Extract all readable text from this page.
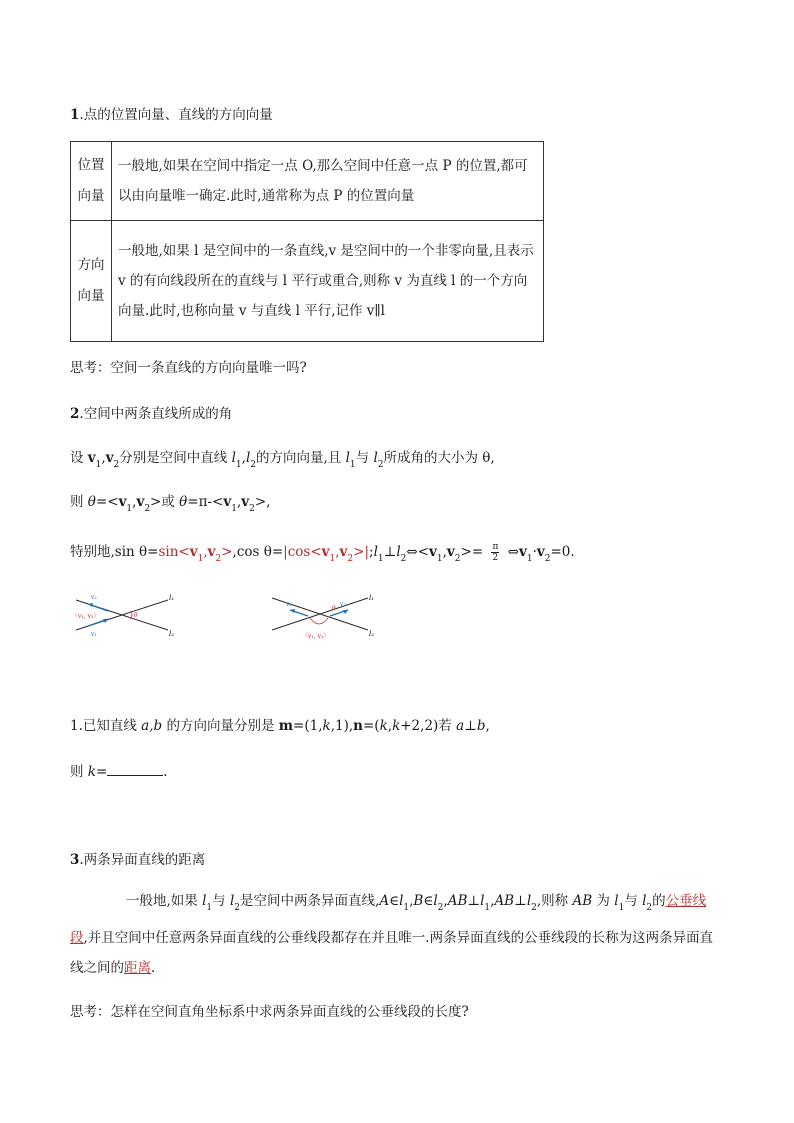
1.点的位置向量、直线的方向向量
位置
向量	一般地,如果在空间中指定一点 O,那么空间中任意一点 P 的位置,都可以由向量唯一确定.此时,通常称为点 P 的位置向量

方向
向量	一般地,如果 l 是空间中的一条直线,v 是空间中的一个非零向量,且表示 v 的有向线段所在的直线与 l 平行或重合,则称 v 为直线 l 的一个方向向量.此时,也称向量 v 与直线 l 平行,记作 v∥l
思考：空间一条直线的方向向量唯一吗?
2.空间中两条直线所成的角
设 $v_1,v_2$分别是空间中直线 $l_1,l_2$的方向向量,且 $l_1$与 $l_2$所成角的大小为 θ,
则 $\theta=<v_1,v_2>$或 $\theta=\pi-<v_1,v_2>$,
特别地,sin $\theta=\sin<v_1,v_2>,\cos$ $\theta=|\cos<v_1,v_2>|;l_1\perp l_2\Leftrightarrow<v_1,v_2>= \frac{\pi}{2}$ $\Leftrightarrow v_1\cdot v_2=0$.
v₂
v₁
〈v₁, v₂〉	θ
l₁
l₂
v₁	v₂
〈v₁, v₂〉
θ
l₁
l₂
1.已知直线 a,b 的方向向量分别是 m=(1,k,1),n=(k,k+2,2)若 a⊥b,
则 k=	.
3.两条异面直线的距离
一般地,如果 $l_1$与 $l_2$是空间中两条异面直线$,A\in l_1,B\in l_2,AB\perp l_1,AB\perp l_2$,则称 AB 为 $l_1$与 $l_2$的公垂线段,并且空间中任意两条异面直线的公垂线段都存在并且唯一.两条异面直线的公垂线段的长称为这两条异面直线之间的距离.
思考：怎样在空间直角坐标系中求两条异面直线的公垂线段的长度?
